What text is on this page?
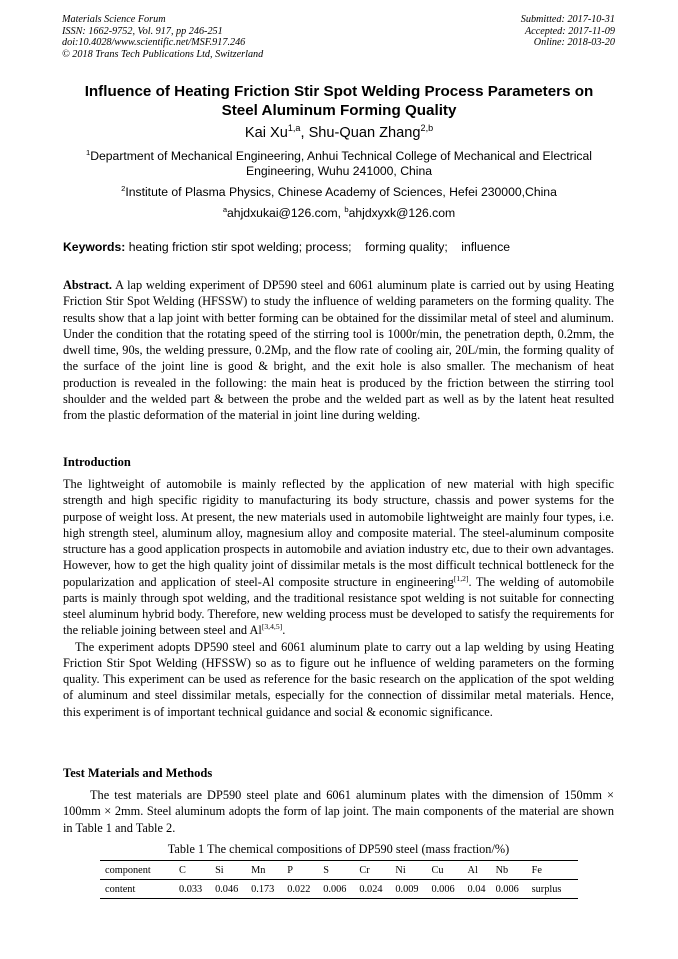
Materials Science Forum
ISSN: 1662-9752, Vol. 917, pp 246-251
doi:10.4028/www.scientific.net/MSF.917.246
© 2018 Trans Tech Publications Ltd, Switzerland
Submitted: 2017-10-31
Accepted: 2017-11-09
Online: 2018-03-20
Influence of Heating Friction Stir Spot Welding Process Parameters on
Steel Aluminum Forming Quality
Kai Xu$^{1,a}$, Shu-Quan Zhang$^{2,b}$
$^1$Department of Mechanical Engineering, Anhui Technical College of Mechanical and Electrical
Engineering, Wuhu 241000, China
$^2$Institute of Plasma Physics, Chinese Academy of Sciences, Hefei 230000,China
$^a$ahjdxukai@126.com, $^b$ahjdxyxk@126.com
Keywords: heating friction stir spot welding; process;    forming quality;    influence

Abstract. A lap welding experiment of DP590 steel and 6061 aluminum plate is carried out by using Heating Friction Stir Spot Welding (HFSSW) to study the influence of welding parameters on the forming quality. The results show that a lap joint with better forming can be obtained for the dissimilar metal of steel and aluminum. Under the condition that the rotating speed of the stirring tool is 1000r/min, the penetration depth, 0.2mm, the dwell time, 90s, the welding pressure, 0.2Mp, and the flow rate of cooling air, 20L/min, the forming quality of the surface of the joint line is good & bright, and the exit hole is also smaller. The mechanism of heat production is revealed in the following: the main heat is produced by the friction between the stirring tool shoulder and the welded part & between the probe and the welded part as well as by the latent heat resulted from the plastic deformation of the material in joint line during welding.

Introduction

The lightweight of automobile is mainly reflected by the application of new material with high specific strength and high specific rigidity to manufacturing its body structure, chassis and power systems for the purpose of weight loss. At present, the new materials used in automobile lightweight are mainly four types, i.e. high strength steel, aluminum alloy, magnesium alloy and composite material. The steel-aluminum composite structure has a good application prospects in automobile and aviation industry etc, due to their own advantages. However, how to get the high quality joint of dissimilar metals is the most difficult technical bottleneck for the popularization and application of steel-Al composite structure in engineering[1,2]. The welding of automobile parts is mainly through spot welding, and the traditional resistance spot welding is not suitable for connecting steel aluminum hybrid body. Therefore, new welding process must be developed to satisfy the requirements for the reliable joining between steel and Al[3,4,5].

The experiment adopts DP590 steel and 6061 aluminum plate to carry out a lap welding by using Heating Friction Stir Spot Welding (HFSSW) so as to figure out he influence of welding parameters on the forming quality. This experiment can be used as reference for the basic research on the application of the spot welding of aluminum and steel dissimilar metals, especially for the connection of dissimilar metal materials. Hence, this experiment is of important technical guidance and social & economic significance.

Test Materials and Methods

The test materials are DP590 steel plate and 6061 aluminum plates with the dimension of 150mm × 100mm × 2mm. Steel aluminum adopts the form of lap joint. The main components of the material are shown in Table 1 and Table 2.

Table 1 The chemical compositions of DP590 steel (mass fraction/%)
component	C	Si	Mn	P	S	Cr	Ni	Cu	Al	Nb	Fe
content	0.033	0.046	0.173	0.022	0.006	0.024	0.009	0.006	0.04	0.006	surplus
